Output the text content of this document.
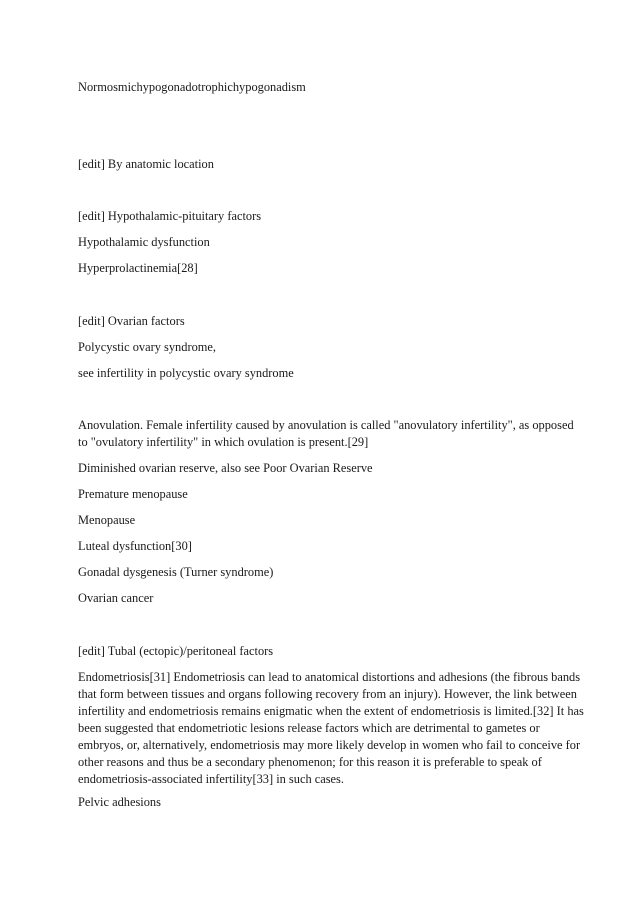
Normosmichypogonadotrophichypogonadism
[edit] By anatomic location
[edit] Hypothalamic-pituitary factors
Hypothalamic dysfunction
Hyperprolactinemia[28]
[edit] Ovarian factors
Polycystic ovary syndrome,
see infertility in polycystic ovary syndrome
Anovulation. Female infertility caused by anovulation is called "anovulatory infertility", as opposed
to "ovulatory infertility" in which ovulation is present.[29]
Diminished ovarian reserve, also see Poor Ovarian Reserve
Premature menopause
Menopause
Luteal dysfunction[30]
Gonadal dysgenesis (Turner syndrome)
Ovarian cancer
[edit] Tubal (ectopic)/peritoneal factors
Endometriosis[31] Endometriosis can lead to anatomical distortions and adhesions (the fibrous bands
that form between tissues and organs following recovery from an injury). However, the link between
infertility and endometriosis remains enigmatic when the extent of endometriosis is limited.[32] It has
been suggested that endometriotic lesions release factors which are detrimental to gametes or
embryos, or, alternatively, endometriosis may more likely develop in women who fail to conceive for
other reasons and thus be a secondary phenomenon; for this reason it is preferable to speak of
endometriosis-associated infertility[33] in such cases.
Pelvic adhesions
